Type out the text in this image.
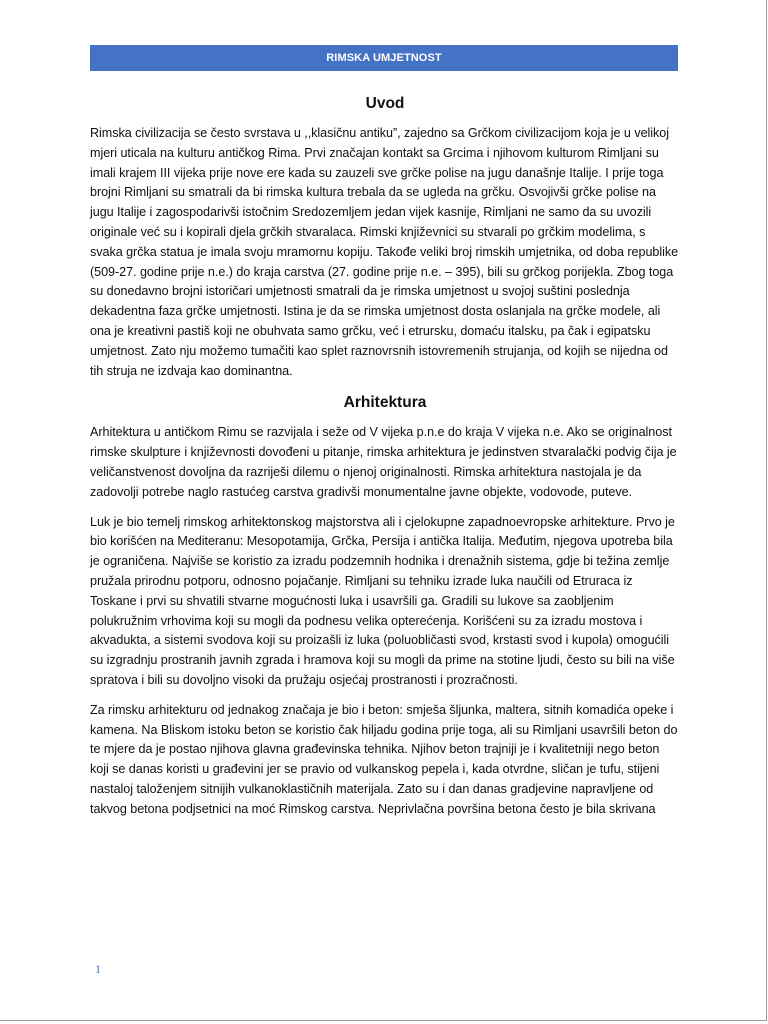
RIMSKA UMJETNOST
Uvod

Rimska civilizacija se često svrstava u ,,klasičnu antiku”, zajedno sa Grčkom civilizacijom koja je u velikoj mjeri uticala na kulturu antičkog Rima. Prvi značajan kontakt sa Grcima i njihovom kulturom Rimljani su imali krajem III vijeka prije nove ere kada su zauzeli sve grčke polise na jugu današnje Italije. I prije toga brojni Rimljani su smatrali da bi rimska kultura trebala da se ugleda na grčku. Osvojivši grčke polise na jugu Italije i zagospodarivši istočnim Sredozemljem jedan vijek kasnije, Rimljani ne samo da su uvozili originale već su i kopirali djela grčkih stvaralaca. Rimski književnici su stvarali po grčkim modelima, s svaka grčka statua je imala svoju mramornu kopiju. Takođe veliki broj rimskih umjetnika, od doba republike (509-27. godine prije n.e.) do kraja carstva (27. godine prije n.e. – 395), bili su grčkog porijekla. Zbog toga su donedavno brojni istoričari umjetnosti smatrali da je rimska umjetnost u svojoj suštini poslednja dekadentna faza grčke umjetnosti. Istina je da se rimska umjetnost dosta oslanjala na grčke modele, ali ona je kreativni pastiš koji ne obuhvata samo grčku, već i etrursku, domaću italsku, pa čak i egipatsku umjetnost. Zato nju možemo tumačiti kao splet raznovrsnih istovremenih strujanja, od kojih se nijedna od tih struja ne izdvaja kao dominantna.

Arhitektura

Arhitektura u antičkom Rimu se razvijala i seže od V vijeka p.n.e do kraja V vijeka n.e. Ako se originalnost rimske skulpture i književnosti dovođeni u pitanje, rimska arhitektura je jedinstven stvaralački podvig čija je veličanstvenost dovoljna da razriješi dilemu o njenoj originalnosti. Rimska arhitektura nastojala je da zadovolji potrebe naglo rastućeg carstva gradivši monumentalne javne objekte, vodovode, puteve.

Luk je bio temelj rimskog arhitektonskog majstorstva ali i cjelokupne zapadnoevropske arhitekture. Prvo je bio korišćen na Mediteranu: Mesopotamija, Grčka, Persija i antička Italija. Međutim, njegova upotreba bila je ograničena. Najviše se koristio za izradu podzemnih hodnika i drenažnih sistema, gdje bi težina zemlje pružala prirodnu potporu, odnosno pojačanje. Rimljani su tehniku izrade luka naučili od Etruraca iz Toskane i prvi su shvatili stvarne mogućnosti luka i usavršili ga. Gradili su lukove sa zaobljenim polukružnim vrhovima koji su mogli da podnesu velika opterećenja. Korišćeni su za izradu mostova i akvadukta, a sistemi svodova koji su proizašli iz luka (poluobličasti svod, krstasti svod i kupola) omogućili su izgradnju prostranih javnih zgrada i hramova koji su mogli da prime na stotine ljudi, često su bili na više spratova i bili su dovoljno visoki da pružaju osjećaj prostranosti i prozračnosti.

Za rimsku arhitekturu od jednakog značaja je bio i beton: smješa šljunka, maltera, sitnih komadića opeke i kamena. Na Bliskom istoku beton se koristio čak hiljadu godina prije toga, ali su Rimljani usavršili beton do te mjere da je postao njihova glavna građevinska tehnika. Njihov beton trajniji je i kvalitetniji nego beton koji se danas koristi u građevini jer se pravio od vulkanskog pepela i, kada otvrdne, sličan je tufu, stijeni nastaloj taloženjem sitnijih vulkanoklastičnih materijala. Zato su i dan danas gradjevine napravljene od takvog betona podjsetnici na moć Rimskog carstva. Neprivlačna površina betona često je bila skrivana

1
